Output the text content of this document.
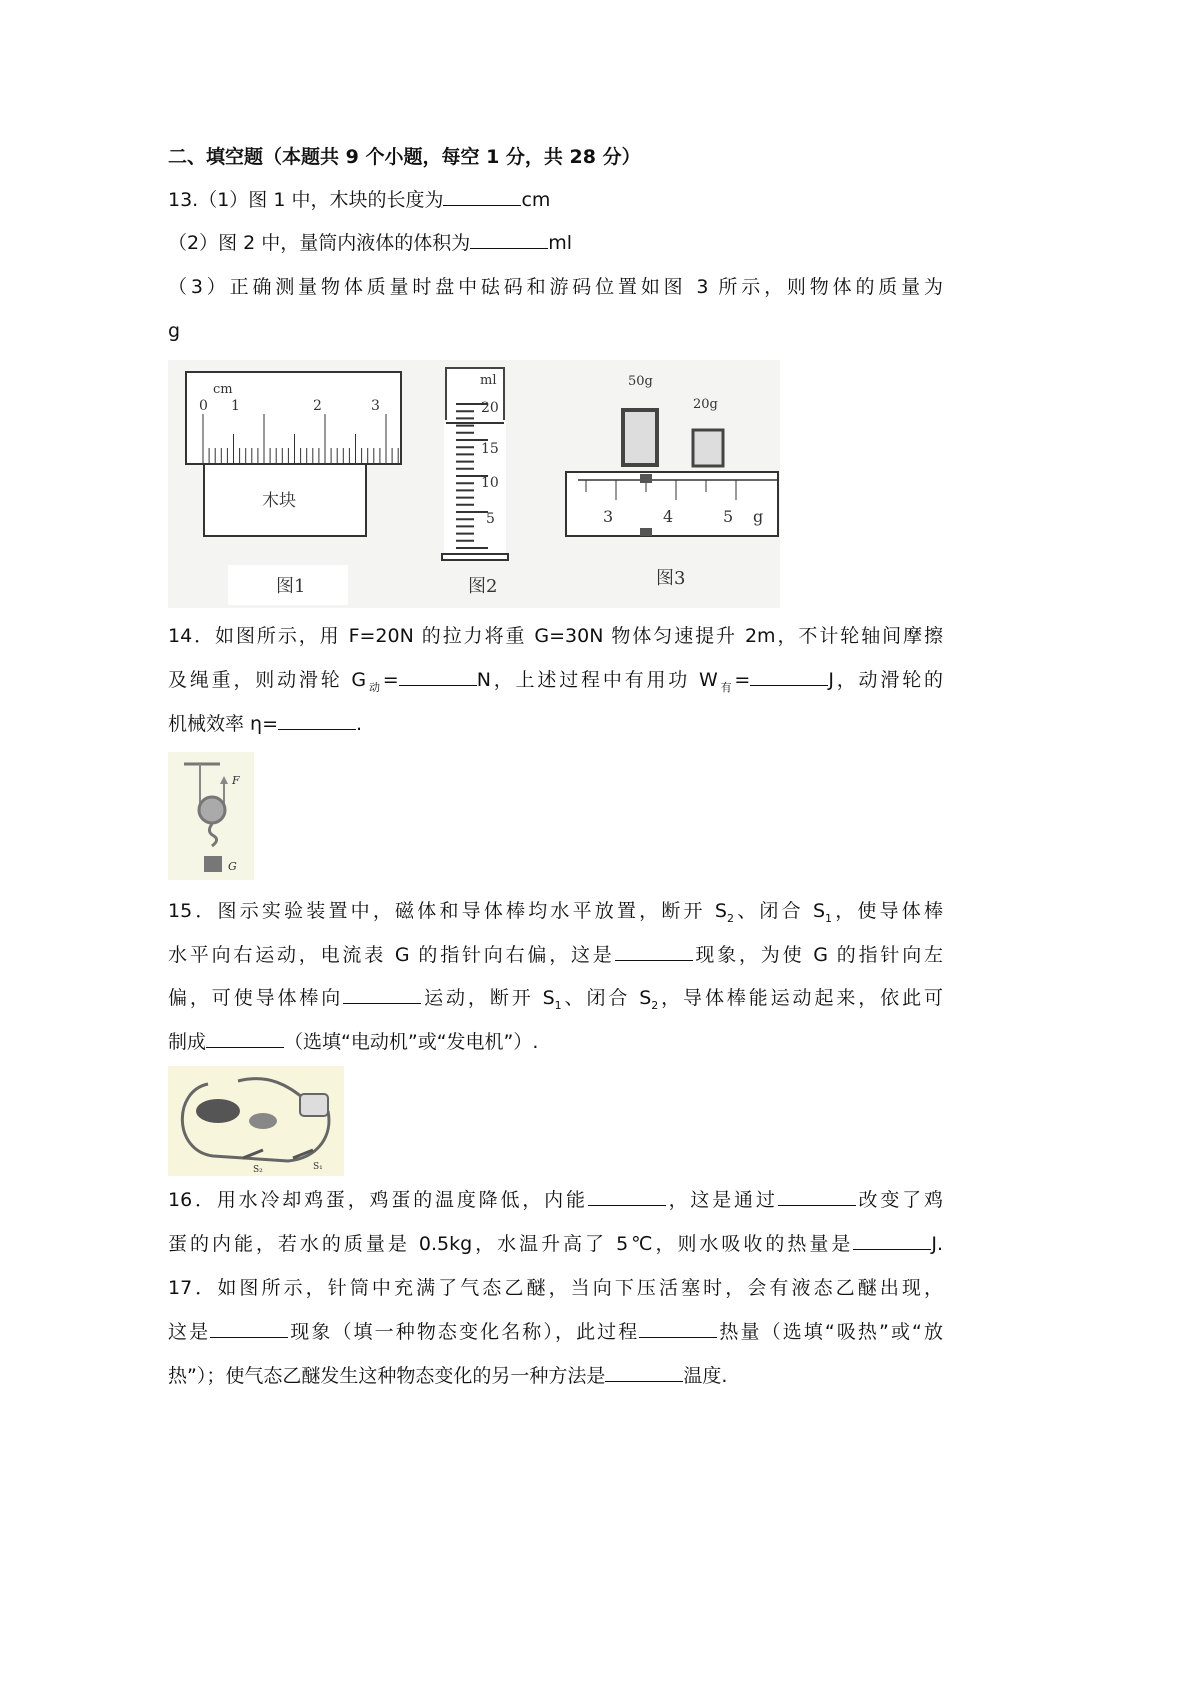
二、填空题（本题共 9 个小题，每空 1 分，共 28 分）
13.（1）图 1 中，木块的长度为	cm
（2）图 2 中，量筒内液体的体积为	ml
（3）正确测量物体质量时盘中砝码和游码位置如图 3 所示，则物体的质量为
g
cm
0 1	2	3
木块
图1
ml
20
15
10
5
图2
50g
20g
3	4	5 g
图3
14．如图所示，用 F=20N 的拉力将重 G=30N 物体匀速提升 2m，不计轮轴间摩擦
及绳重，则动滑轮 $G_动=$	N，上述过程中有用功 $W_有=$	J，动滑轮的
机械效率 η=	.
F
G
15．图示实验装置中，磁体和导体棒均水平放置，断开 $S_2$、闭合 $S_1$，使导体棒
水平向右运动，电流表 G 的指针向右偏，这是	现象，为使 G 的指针向左
偏，可使导体棒向	运动，断开 $S_1$、闭合 $S_2$，导体棒能运动起来，依此可
制成	（选填“电动机”或“发电机”）.
S₂	S₁
16．用水冷却鸡蛋，鸡蛋的温度降低，内能	，这是通过	改变了鸡
蛋的内能，若水的质量是 0.5kg，水温升高了 5℃，则水吸收的热量是	J.
17．如图所示，针筒中充满了气态乙醚，当向下压活塞时，会有液态乙醚出现，
这是	现象（填一种物态变化名称），此过程	热量（选填“吸热”或“放
热”）；使气态乙醚发生这种物态变化的另一种方法是	温度.
